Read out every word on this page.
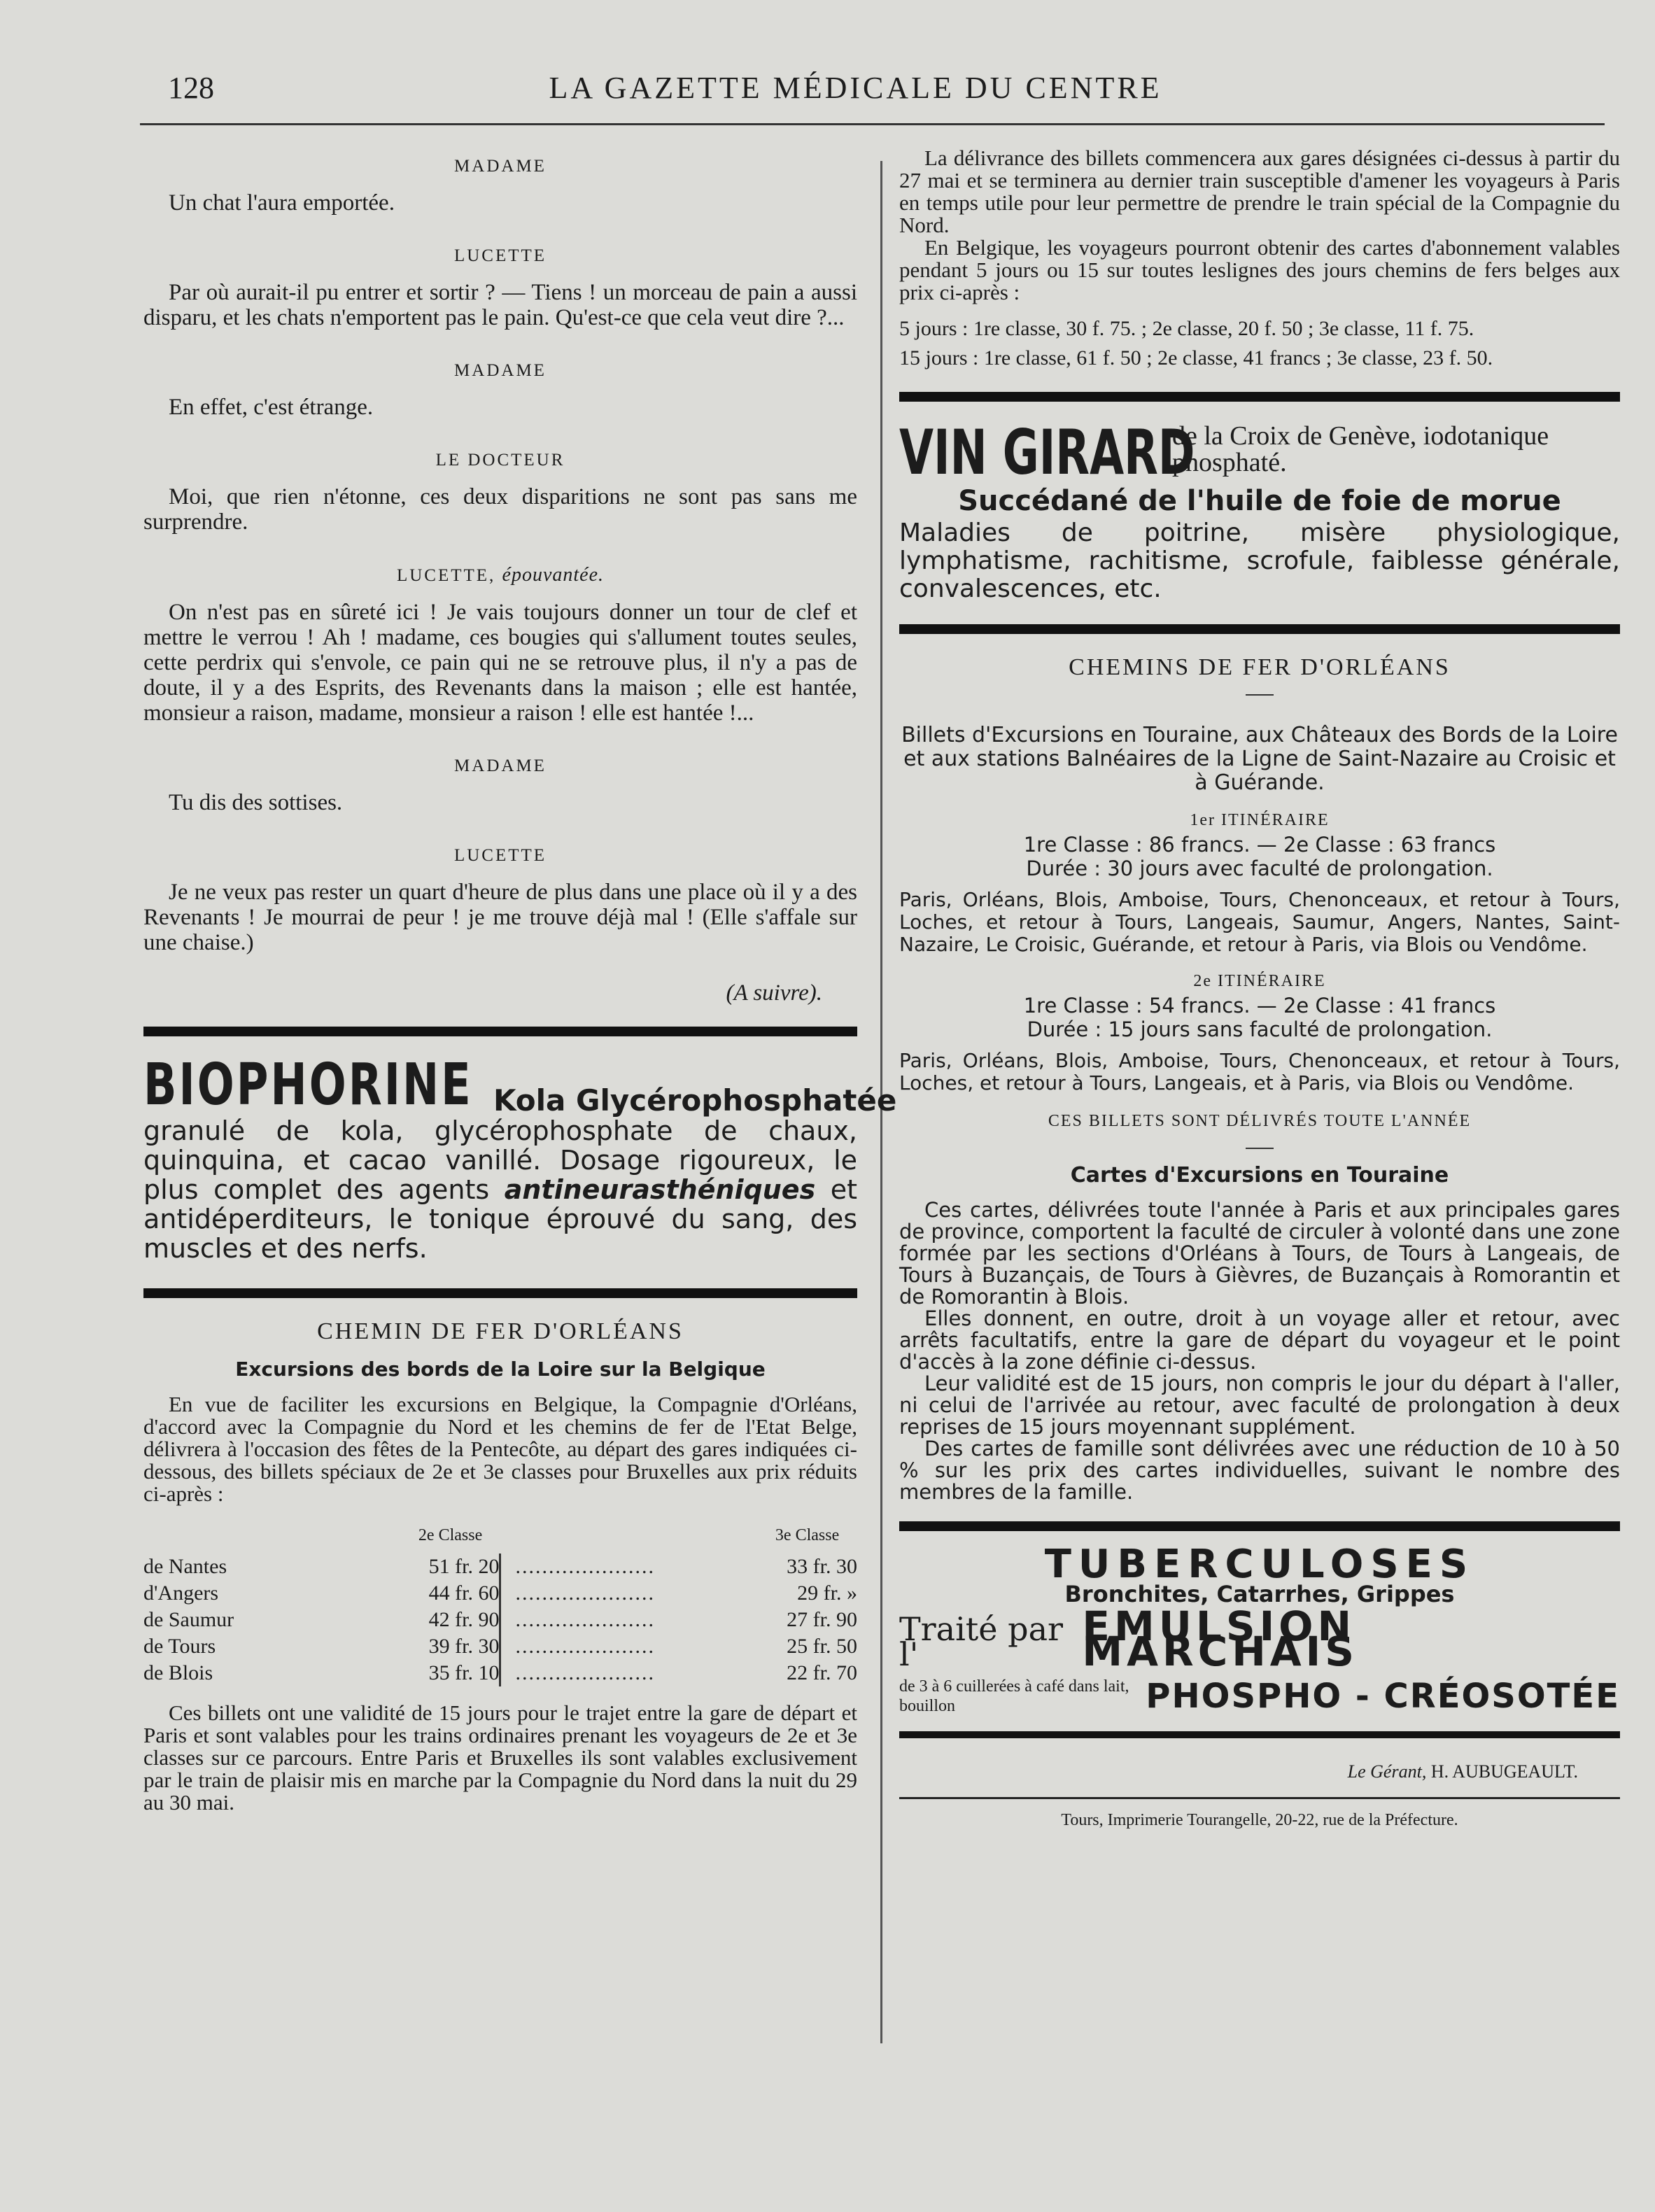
128	LA GAZETTE MÉDICALE DU CENTRE
MADAME

Un chat l'aura emportée.

LUCETTE

Par où aurait-il pu entrer et sortir ? — Tiens ! un morceau de pain a aussi disparu, et les chats n'emportent pas le pain. Qu'est-ce que cela veut dire ?...

MADAME

En effet, c'est étrange.

LE DOCTEUR

Moi, que rien n'étonne, ces deux disparitions ne sont pas sans me surprendre.

LUCETTE, épouvantée.

On n'est pas en sûreté ici ! Je vais toujours donner un tour de clef et mettre le verrou ! Ah ! madame, ces bougies qui s'allument toutes seules, cette perdrix qui s'envole, ce pain qui ne se retrouve plus, il n'y a pas de doute, il y a des Esprits, des Revenants dans la maison ; elle est hantée, monsieur a raison, madame, monsieur a raison ! elle est hantée !...

MADAME

Tu dis des sottises.

LUCETTE

Je ne veux pas rester un quart d'heure de plus dans une place où il y a des Revenants ! Je mourrai de peur ! je me trouve déjà mal ! (Elle s'affale sur une chaise.)

(A suivre).
BIOPHORINE Kola Glycérophosphatée

granulé de kola, glycérophosphate de chaux, quinquina, et cacao vanillé. Dosage rigoureux, le plus complet des agents antineurasthéniques et antidéperditeurs, le tonique éprouvé du sang, des muscles et des nerfs.

CHEMIN DE FER D'ORLÉANS
Excursions des bords de la Loire sur la Belgique

En vue de faciliter les excursions en Belgique, la Compagnie d'Orléans, d'accord avec la Compagnie du Nord et les chemins de fer de l'Etat Belge, délivrera à l'occasion des fêtes de la Pentecôte, au départ des gares indiquées ci-dessous, des billets spéciaux de 2e et 3e classes pour Bruxelles aux prix réduits ci-après :

	2e Classe		3e Classe
de Nantes	51 fr. 20	.....................	33 fr. 30
d'Angers	44 fr. 60	.....................	29 fr. »
de Saumur	42 fr. 90	.....................	27 fr. 90
de Tours	39 fr. 30	.....................	25 fr. 50
de Blois	35 fr. 10	.....................	22 fr. 70

Ces billets ont une validité de 15 jours pour le trajet entre la gare de départ et Paris et sont valables pour les trains ordinaires prenant les voyageurs de 2e et 3e classes sur ce parcours. Entre Paris et Bruxelles ils sont valables exclusivement par le train de plaisir mis en marche par la Compagnie du Nord dans la nuit du 29 au 30 mai.

La délivrance des billets commencera aux gares désignées ci-dessus à partir du 27 mai et se terminera au dernier train susceptible d'amener les voyageurs à Paris en temps utile pour leur permettre de prendre le train spécial de la Compagnie du Nord.

En Belgique, les voyageurs pourront obtenir des cartes d'abonnement valables pendant 5 jours ou 15 sur toutes leslignes des jours chemins de fers belges aux prix ci-après :

5 jours : 1re classe, 30 f. 75. ; 2e classe, 20 f. 50 ; 3e classe, 11 f. 75.

15 jours : 1re classe, 61 f. 50 ; 2e classe, 41 francs ; 3e classe, 23 f. 50.

VIN GIRARD
de la Croix de Genève, iodotanique phosphaté.
Succédané de l'huile de foie de morue

Maladies de poitrine, misère physiologique, lymphatisme, rachitisme, scrofule, faiblesse générale, convalescences, etc.

CHEMINS DE FER D'ORLÉANS

Billets d'Excursions en Touraine, aux Châteaux des Bords de la Loire et aux stations Balnéaires de la Ligne de Saint-Nazaire au Croisic et à Guérande.

1er ITINÉRAIRE
1re Classe : 86 francs. — 2e Classe : 63 francs
Durée : 30 jours avec faculté de prolongation.

Paris, Orléans, Blois, Amboise, Tours, Chenonceaux, et retour à Tours, Loches, et retour à Tours, Langeais, Saumur, Angers, Nantes, Saint-Nazaire, Le Croisic, Guérande, et retour à Paris, via Blois ou Vendôme.

2e ITINÉRAIRE
1re Classe : 54 francs. — 2e Classe : 41 francs
Durée : 15 jours sans faculté de prolongation.

Paris, Orléans, Blois, Amboise, Tours, Chenonceaux, et retour à Tours, Loches, et retour à Tours, Langeais, et à Paris, via Blois ou Vendôme.

CES BILLETS SONT DÉLIVRÉS TOUTE L'ANNÉE
Cartes d'Excursions en Touraine

Ces cartes, délivrées toute l'année à Paris et aux principales gares de province, comportent la faculté de circuler à volonté dans une zone formée par les sections d'Orléans à Tours, de Tours à Langeais, de Tours à Buzançais, de Tours à Gièvres, de Buzançais à Romorantin et de Romorantin à Blois.

Elles donnent, en outre, droit à un voyage aller et retour, avec arrêts facultatifs, entre la gare de départ du voyageur et le point d'accès à la zone définie ci-dessus.

Leur validité est de 15 jours, non compris le jour du départ à l'aller, ni celui de l'arrivée au retour, avec faculté de prolongation à deux reprises de 15 jours moyennant supplément.

Des cartes de famille sont délivrées avec une réduction de 10 à 50 % sur les prix des cartes individuelles, suivant le nombre des membres de la famille.

TUBERCULOSES
Bronchites, Catarrhes, Grippes
Traité par l'
EMULSION MARCHAIS
de 3 à 6 cuillerées à café dans lait, bouillon	PHOSPHO - CRÉOSOTÉE
Le Gérant, H. AUBUGEAULT.
Tours, Imprimerie Tourangelle, 20-22, rue de la Préfecture.
